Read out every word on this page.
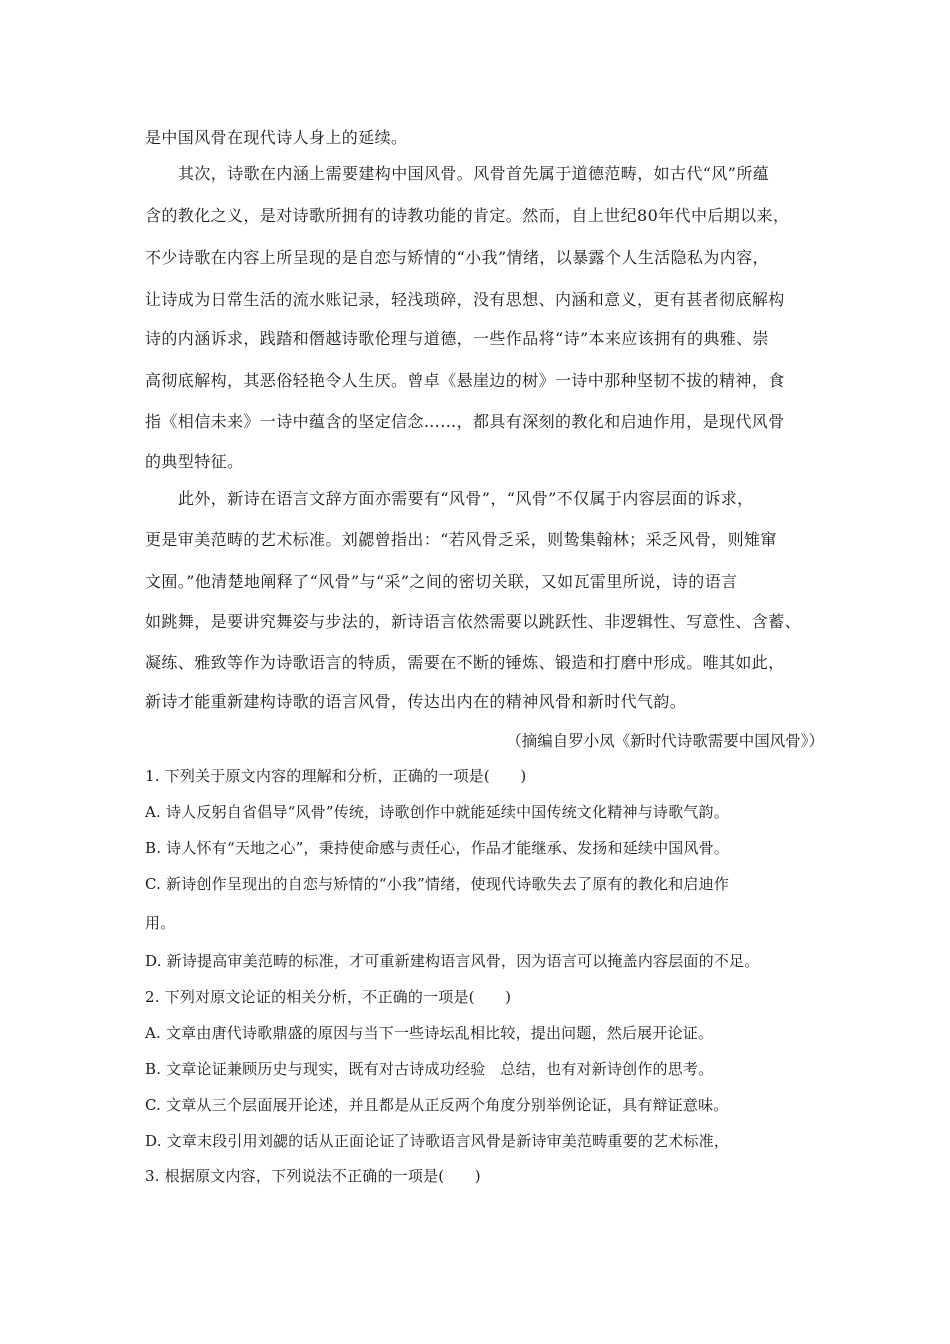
是中国风骨在现代诗人身上的延续。
其次，诗歌在内涵上需要建构中国风骨。风骨首先属于道德范畴，如古代“风”所蕴
含的教化之义，是对诗歌所拥有的诗教功能的肯定。然而，自上世纪80年代中后期以来，
不少诗歌在内容上所呈现的是自恋与矫情的“小我”情绪，以暴露个人生活隐私为内容，
让诗成为日常生活的流水账记录，轻浅琐碎，没有思想、内涵和意义，更有甚者彻底解构
诗的内涵诉求，践踏和僭越诗歌伦理与道德，一些作品将“诗”本来应该拥有的典雅、崇
高彻底解构，其恶俗轻艳令人生厌。曾卓《悬崖边的树》一诗中那种坚韧不拔的精神，食
指《相信未来》一诗中蕴含的坚定信念……，都具有深刻的教化和启迪作用，是现代风骨
的典型特征。
此外，新诗在语言文辞方面亦需要有“风骨”，“风骨”不仅属于内容层面的诉求，
更是审美范畴的艺术标准。刘勰曾指出：“若风骨乏采，则鸷集翰林；采乏风骨，则雉窜
文囿。”他清楚地阐释了“风骨”与“采”之间的密切关联，又如瓦雷里所说，诗的语言
如跳舞，是要讲究舞姿与步法的，新诗语言依然需要以跳跃性、非逻辑性、写意性、含蓄、
凝练、雅致等作为诗歌语言的特质，需要在不断的锤炼、锻造和打磨中形成。唯其如此，
新诗才能重新建构诗歌的语言风骨，传达出内在的精神风骨和新时代气韵。
（摘编自罗小凤《新时代诗歌需要中国风骨》）
1. 下列关于原文内容的理解和分析，正确的一项是(　　)
A. 诗人反躬自省倡导“风骨”传统，诗歌创作中就能延续中国传统文化精神与诗歌气韵。
B. 诗人怀有“天地之心”，秉持使命感与责任心，作品才能继承、发扬和延续中国风骨。
C. 新诗创作呈现出的自恋与矫情的“小我”情绪，使现代诗歌失去了原有的教化和启迪作
用。
D. 新诗提高审美范畴的标准，才可重新建构语言风骨，因为语言可以掩盖内容层面的不足。
2. 下列对原文论证的相关分析，不正确的一项是(　　)
A. 文章由唐代诗歌鼎盛的原因与当下一些诗坛乱相比较，提出问题，然后展开论证。
B. 文章论证兼顾历史与现实，既有对古诗成功经验　总结，也有对新诗创作的思考。
C. 文章从三个层面展开论述，并且都是从正反两个角度分别举例论证，具有辩证意味。
D. 文章末段引用刘勰的话从正面论证了诗歌语言风骨是新诗审美范畴重要的艺术标准，
3. 根据原文内容，下列说法不正确的一项是(　　)
